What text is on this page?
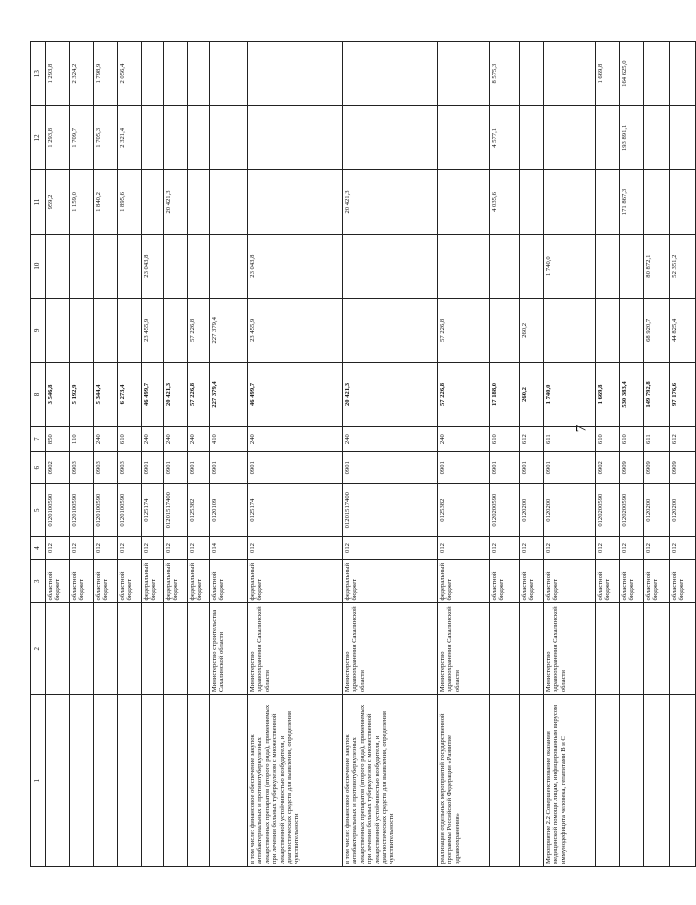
7
1	2	3	4	5	6	7	8	9	10	11	12	13
		областной бюджет	012	0120100590	0902	850	3 546,8			959,2	1 293,8	1 293,8
		областной бюджет	012	0120100590	0903	110	5 192,9			1 159,0	1 709,7	2 324,2
		областной бюджет	012	0120100590	0903	240	5 344,4			1 840,2	1 705,3	1 798,9
		областной бюджет	012	0120100590	0903	610	6 273,4			1 895,6	2 321,4	2 056,4
		федеральный бюджет	012	0125174	0901	240	46 499,7	23 455,9	23 043,8			
		федеральный бюджет	012	01201517400	0901	240	20 421,3			20 421,3		
		федеральный бюджет	012	0125382	0901	240	57 226,8	57 226,8				
	Министерство строительства Сахалинской области	областной бюджет	014	0120109	0901	410	227 379,4	227 379,4				
в том числе: финансовое обеспечение закупок антибактериальных и противотуберкулезных лекарственных препаратов (второго ряда), применяемых при лечении больных туберкулезом с множественной лекарственной устойчивостью возбудителя, и диагностических средств для выявления, определения чувствительности	Министерство здравоохранения Сахалинской области	федеральный бюджет	012	0125174	0901	240	46 499,7	23 455,9	23 043,8			
в том числе: финансовое обеспечение закупок антибактериальных и противотуберкулезных лекарственных препаратов (второго ряда), применяемых при лечении больных туберкулезом с множественной лекарственной устойчивостью возбудителя, и диагностических средств для выявления, определения чувствительности	Министерство здравоохранения Сахалинской области	федеральный бюджет	012	01201517400	0901	240	20 421,3			20 421,3		
реализация отдельных мероприятий государственной программы Российской Федерации «Развитие здравоохранения»	Министерство здравоохранения Сахалинской области	федеральный бюджет	012	0125382	0901	240	57 226,8	57 226,8				
		областной бюджет	012	0120200590	0901	610	17 188,0			4 035,6	4 577,1	8 575,3
		областной бюджет	012	0120200	0901	612	260,2	260,2				
Мероприятие 2.2 Совершенствование оказания медицинской помощи лицам, инфицированным вирусом иммунодефицита человека, гепатитами В и С	Министерство здравоохранения Сахалинской области	областной бюджет	012	0120200	0901	611	1 740,0		1 740,0			
		областной бюджет	012	0120200590	0902	610	1 669,8					1 669,8
		областной бюджет	012	0120200590	0909	610	530 383,4			171 867,3	193 891,1	164 625,0
		областной бюджет	012	0120200	0909	611	149 792,8	68 920,7	80 872,1			
		областной бюджет	012	0120200	0909	612	97 176,6	44 825,4	52 351,2			
